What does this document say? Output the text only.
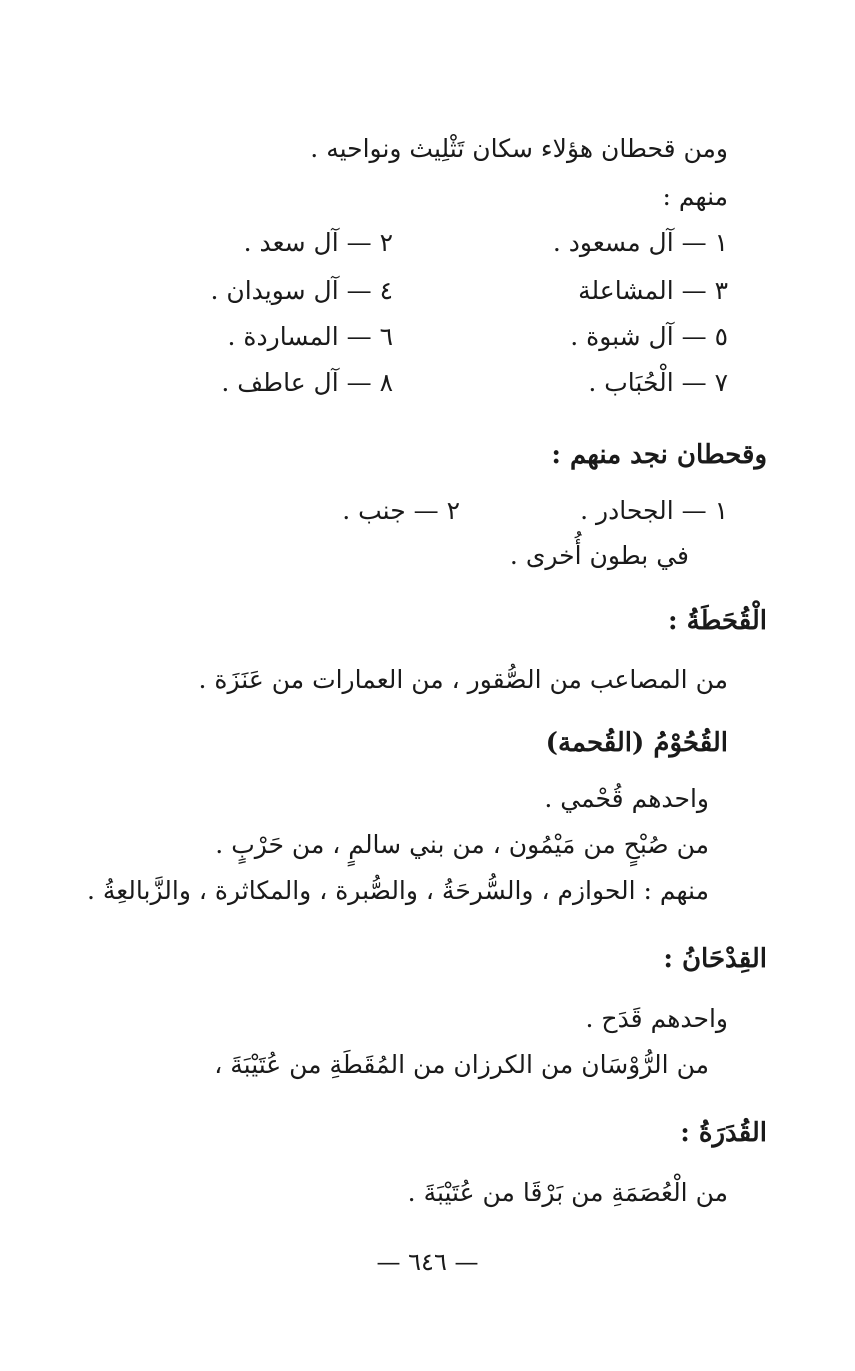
ومن قحطان هؤلاء سكان تَثْلِيث ونواحيه .
منهم :
١ — آل مسعود .
٢ — آل سعد .
٣ — المشاعلة
٤ — آل سويدان .
٥ — آل شبوة .
٦ — المساردة .
٧ — الْحُبَاب .
٨ — آل عاطف .
وقحطان نجد منهم :
١ — الجحادر .
٢ — جنب .
في بطون أُخرى .
الْقُحَطَةُ :
من المصاعب من الصُّقور ، من العمارات من عَنَزَة .
القُحُوْمُ (القُحمة)
واحدهم قُحْمي .
من صُبْحٍ من مَيْمُون ، من بني سالمٍ ، من حَرْبٍ .
منهم : الحوازم ، والسُّرحَةُ ، والصُّبرة ، والمكاثرة ، والزَّبالعِةُ .
القِدْحَانُ :
واحدهم قَدَح .
من الرُّوْسَان من الكرزان من المُقَطَةِ من عُتَيْبَةَ ،
القُدَرَةُ :
من الْعُصَمَةِ من بَرْقَا من عُتَيْبَةَ .
— ٦٤٦ —
